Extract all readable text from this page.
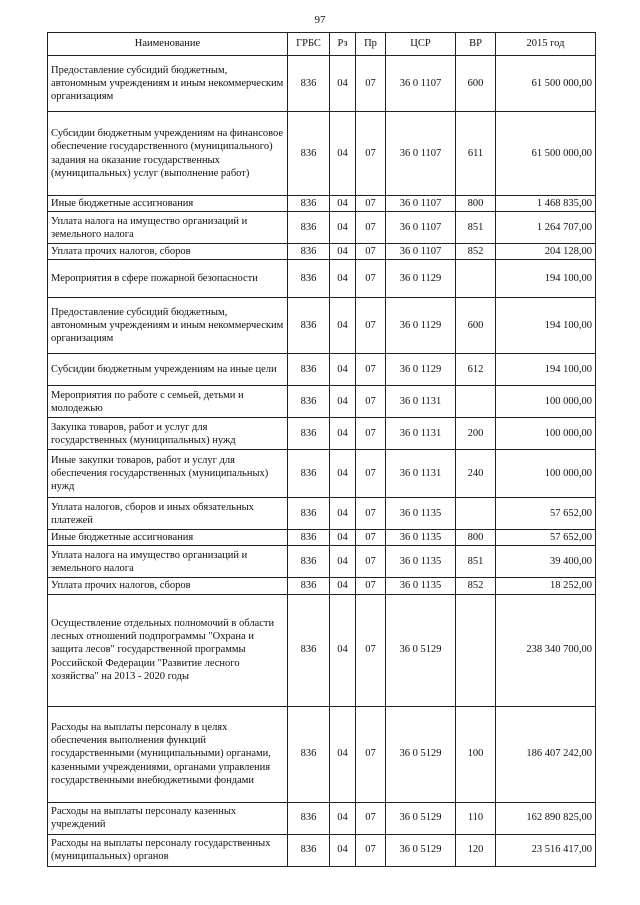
97
Наименование	ГРБС	Рз	Пр	ЦСР	ВР	2015 год
Предоставление субсидий бюджетным, автономным учреждениям и иным некоммерческим организациям	836	04	07	36 0 1107	600	61 500 000,00
Субсидии бюджетным учреждениям на финансовое обеспечение государственного (муниципального) задания на оказание государственных (муниципальных) услуг (выполнение работ)	836	04	07	36 0 1107	611	61 500 000,00
Иные бюджетные ассигнования	836	04	07	36 0 1107	800	1 468 835,00
Уплата налога на имущество организаций и земельного налога	836	04	07	36 0 1107	851	1 264 707,00
Уплата прочих налогов, сборов	836	04	07	36 0 1107	852	204 128,00
Мероприятия в сфере пожарной безопасности	836	04	07	36 0 1129		194 100,00
Предоставление субсидий бюджетным, автономным учреждениям и иным некоммерческим организациям	836	04	07	36 0 1129	600	194 100,00
Субсидии бюджетным учреждениям на иные цели	836	04	07	36 0 1129	612	194 100,00
Мероприятия по работе с семьей, детьми и молодежью	836	04	07	36 0 1131		100 000,00
Закупка товаров, работ и услуг для государственных (муниципальных) нужд	836	04	07	36 0 1131	200	100 000,00
Иные закупки товаров, работ и услуг для обеспечения государственных (муниципальных) нужд	836	04	07	36 0 1131	240	100 000,00
Уплата налогов, сборов и иных обязательных платежей	836	04	07	36 0 1135		57 652,00
Иные бюджетные ассигнования	836	04	07	36 0 1135	800	57 652,00
Уплата налога на имущество организаций и земельного налога	836	04	07	36 0 1135	851	39 400,00
Уплата прочих налогов, сборов	836	04	07	36 0 1135	852	18 252,00
Осуществление отдельных полномочий в области лесных отношений подпрограммы "Охрана и защита лесов" государственной программы Российской Федерации "Развитие лесного хозяйства" на 2013 - 2020 годы	836	04	07	36 0 5129		238 340 700,00
Расходы на выплаты персоналу в целях обеспечения выполнения функций государственными (муниципальными) органами, казенными учреждениями, органами управления государственными внебюджетными фондами	836	04	07	36 0 5129	100	186 407 242,00
Расходы на выплаты персоналу казенных учреждений	836	04	07	36 0 5129	110	162 890 825,00
Расходы на выплаты персоналу государственных (муниципальных) органов	836	04	07	36 0 5129	120	23 516 417,00
